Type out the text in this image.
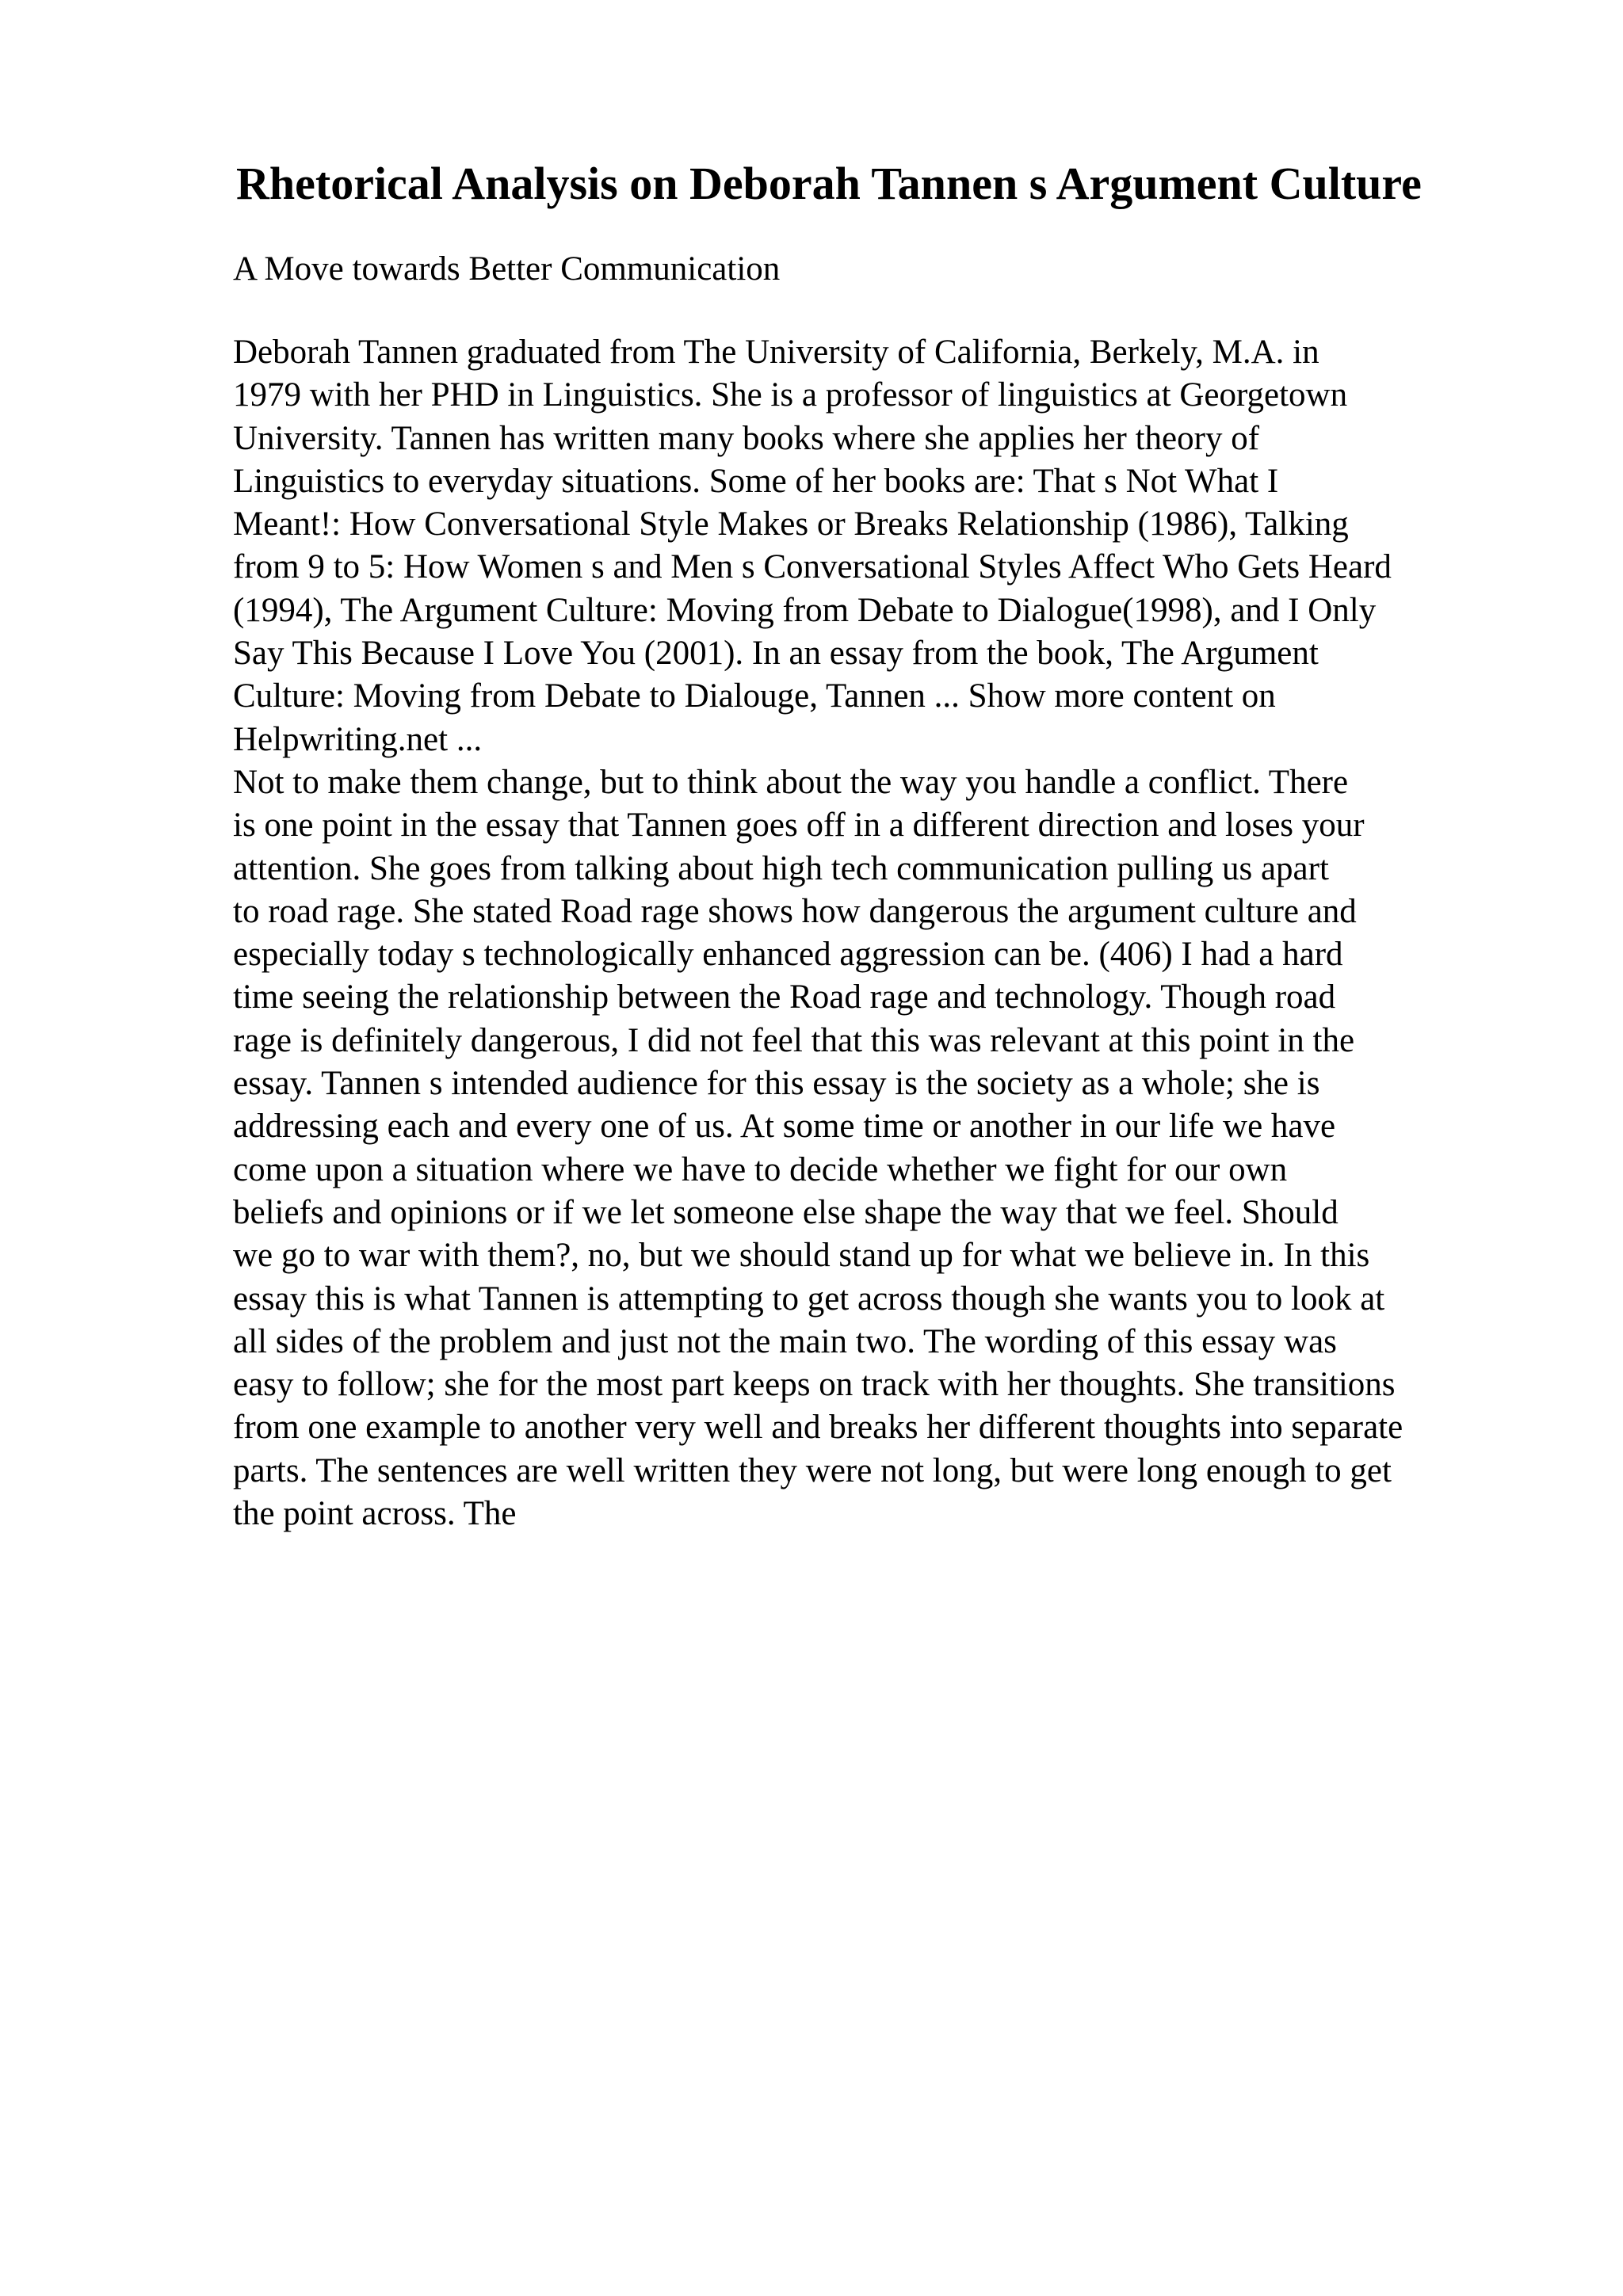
Rhetorical Analysis on Deborah Tannen s Argument Culture

A Move towards Better Communication

Deborah Tannen graduated from The University of California, Berkely, M.A. in
1979 with her PHD in Linguistics. She is a professor of linguistics at Georgetown
University. Tannen has written many books where she applies her theory of
Linguistics to everyday situations. Some of her books are: That s Not What I
Meant!: How Conversational Style Makes or Breaks Relationship (1986), Talking
from 9 to 5: How Women s and Men s Conversational Styles Affect Who Gets Heard
(1994), The Argument Culture: Moving from Debate to Dialogue(1998), and I Only
Say This Because I Love You (2001). In an essay from the book, The Argument
Culture: Moving from Debate to Dialouge, Tannen ... Show more content on
Helpwriting.net ...
Not to make them change, but to think about the way you handle a conflict. There
is one point in the essay that Tannen goes off in a different direction and loses your
attention. She goes from talking about high tech communication pulling us apart
to road rage. She stated Road rage shows how dangerous the argument culture and
especially today s technologically enhanced aggression can be. (406) I had a hard
time seeing the relationship between the Road rage and technology. Though road
rage is definitely dangerous, I did not feel that this was relevant at this point in the
essay. Tannen s intended audience for this essay is the society as a whole; she is
addressing each and every one of us. At some time or another in our life we have
come upon a situation where we have to decide whether we fight for our own
beliefs and opinions or if we let someone else shape the way that we feel. Should
we go to war with them?, no, but we should stand up for what we believe in. In this
essay this is what Tannen is attempting to get across though she wants you to look at
all sides of the problem and just not the main two. The wording of this essay was
easy to follow; she for the most part keeps on track with her thoughts. She transitions
from one example to another very well and breaks her different thoughts into separate
parts. The sentences are well written they were not long, but were long enough to get
the point across. The
